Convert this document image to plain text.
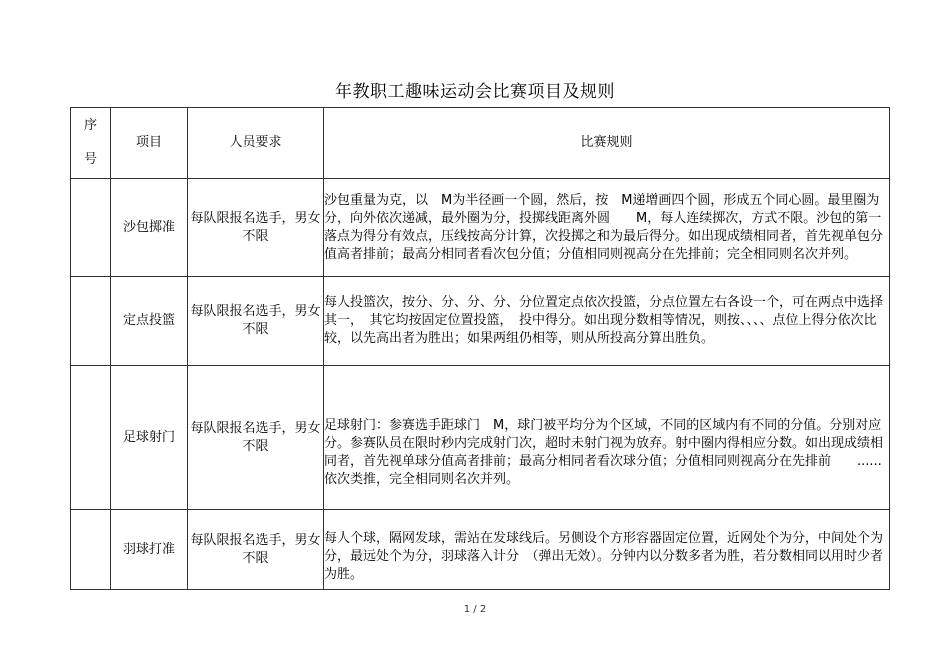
年教职工趣味运动会比赛项目及规则
序
号	项目	人员要求	比赛规则
	沙包掷准	每队限报名选手，男女不限	沙包重量为克，以　M为半径画一个圆，然后，按　M递增画四个圆，形成五个同心圆。最里圈为分，向外依次递减，最外圈为分，投掷线距离外圆　　M，每人连续掷次，方式不限。沙包的第一落点为得分有效点，压线按高分计算，次投掷之和为最后得分。如出现成绩相同者，首先视单包分值高者排前；最高分相同者看次包分值；分值相同则视高分在先排前；完全相同则名次并列。
	定点投篮	每队限报名选手，男女不限	每人投篮次，按分、分、分、分、分位置定点依次投篮，分点位置左右各设一个，可在两点中选择其一，　其它均按固定位置投篮，　投中得分。如出现分数相等情况，则按、、、、点位上得分依次比较，以先高出者为胜出；如果两组仍相等，则从所投高分算出胜负。
	足球射门	每队限报名选手，男女不限	足球射门：参赛选手距球门　M，球门被平均分为个区域，不同的区域内有不同的分值。分别对应分。参赛队员在限时秒内完成射门次，超时未射门视为放弃。射中圈内得相应分数。如出现成绩相同者，首先视单球分值高者排前；最高分相同者看次球分值；分值相同则视高分在先排前　　......　　依次类推，完全相同则名次并列。
	羽球打准	每队限报名选手，男女不限	每人个球，隔网发球，需站在发球线后。另侧设个方形容器固定位置，近网处个为分，中间处个为分，最远处个为分，羽球落入计分　（弹出无效）。分钟内以分数多者为胜，若分数相同以用时少者为胜。
1 / 2
